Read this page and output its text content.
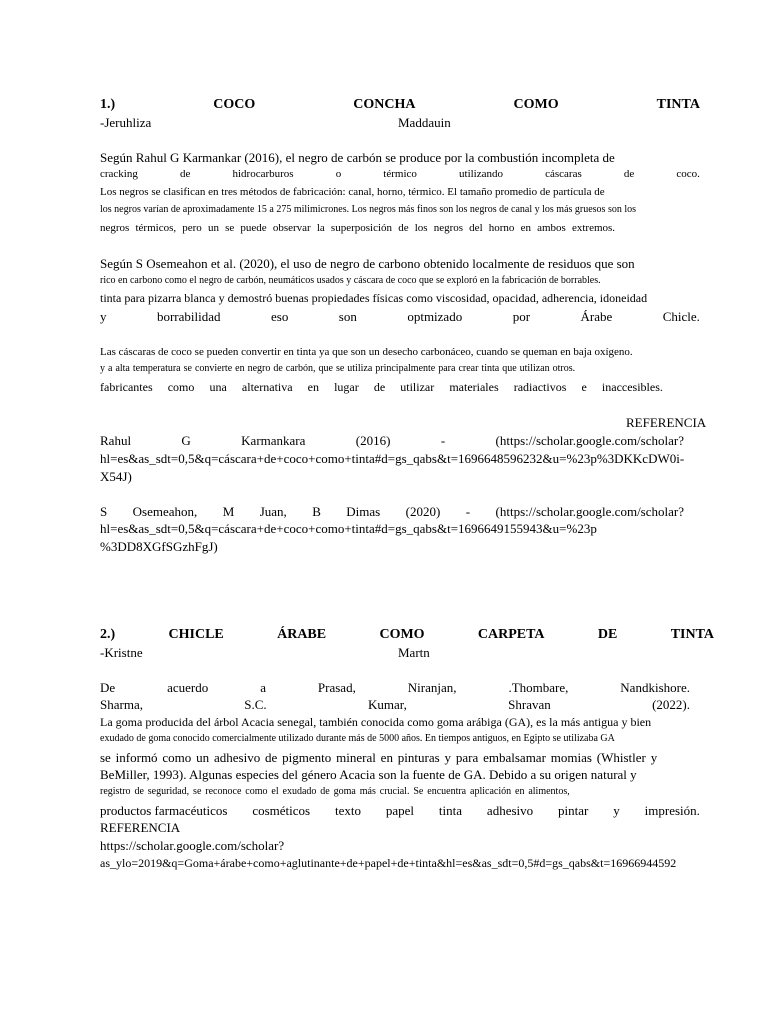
1.)	COCO	CONCHA	COMO	TINTA
-Jeruhliza	Maddauin
Según Rahul G Karmankar (2016), el negro de carbón se produce por la combustión incompleta de
cracking	de	hidrocarburos	o	térmico	utilizando	cáscaras	de	coco.
Los negros se clasifican en tres métodos de fabricación: canal, horno, térmico. El tamaño promedio de partícula de
los negros varían de aproximadamente 15 a 275 milimicrones. Los negros más finos son los negros de canal y los más gruesos son los
negros térmicos, pero un se puede observar la superposición de los negros del horno en ambos extremos.
Según S Osemeahon et al. (2020), el uso de negro de carbono obtenido localmente de residuos que son
rico en carbono como el negro de carbón, neumáticos usados y cáscara de coco que se exploró en la fabricación de borrables.
tinta para pizarra blanca y demostró buenas propiedades físicas como viscosidad, opacidad, adherencia, idoneidad
y	borrabilidad	eso	son	optmizado	por	Árabe	Chicle.
Las cáscaras de coco se pueden convertir en tinta ya que son un desecho carbonáceo, cuando se queman en baja oxígeno.
y a alta temperatura se convierte en negro de carbón, que se utiliza principalmente para crear tinta que utilizan otros.
fabricantes como una alternativa en lugar de utilizar materiales radiactivos e inaccesibles.
REFERENCIA
Rahul	G	Karmankara	(2016)	-	(https://scholar.google.com/scholar?
hl=es&as_sdt=0,5&q=cáscara+de+coco+como+tinta#d=gs_qabs&t=1696648596232&u=%23p%3DKKcDW0i-
X54J)
S Osemeahon, M Juan, B Dimas (2020) - (https://scholar.google.com/scholar?
hl=es&as_sdt=0,5&q=cáscara+de+coco+como+tinta#d=gs_qabs&t=1696649155943&u=%23p
%3DD8XGfSGzhFgJ)
2.)	CHICLE	ÁRABE	COMO	CARPETA	DE	TINTA
-Kristne	Martn
De	acuerdo	a	Prasad,	Niranjan,	.Thombare,	Nandkishore.
Sharma,	S.C.	Kumar,	Shravan	(2022).
La goma producida del árbol Acacia senegal, también conocida como goma arábiga (GA), es la más antigua y bien
exudado de goma conocido comercialmente utilizado durante más de 5000 años. En tiempos antiguos, en Egipto se utilizaba GA
se informó como un adhesivo de pigmento mineral en pinturas y para embalsamar momias (Whistler y
BeMiller, 1993). Algunas especies del género Acacia son la fuente de GA. Debido a su origen natural y
registro de seguridad, se reconoce como el exudado de goma más crucial. Se encuentra aplicación en alimentos,
productos farmacéuticos cosméticos texto papel tinta adhesivo pintar y impresión.
REFERENCIA
https://scholar.google.com/scholar?
as_ylo=2019&q=Goma+árabe+como+aglutinante+de+papel+de+tinta&hl=es&as_sdt=0,5#d=gs_qabs&t=16966944592
